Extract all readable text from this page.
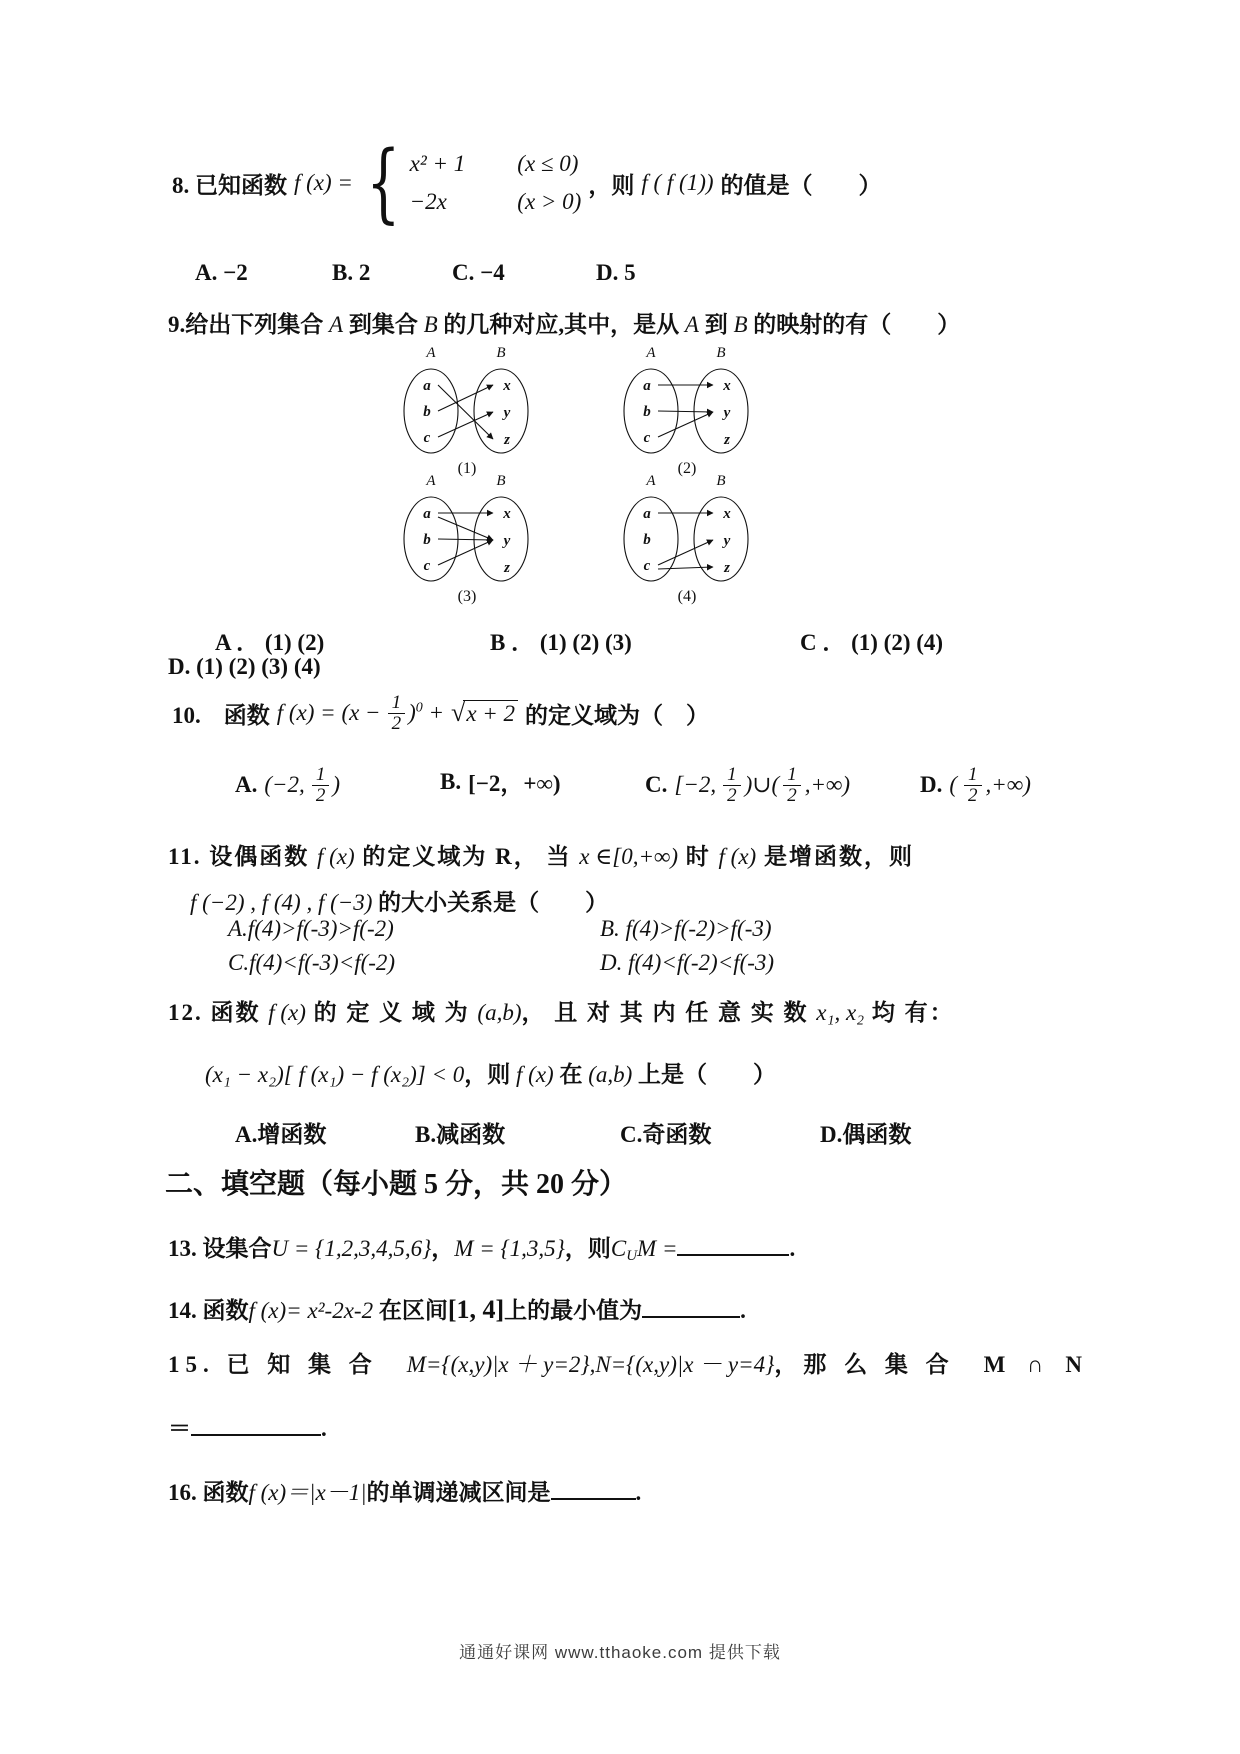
8. 已知函数 f (x) = { x² + 1 (x ≤ 0)
−2x	(x > 0)
，则 f ( f (1)) 的值是（　　）
A. −2	B. 2	C. −4	D. 5
9.给出下列集合 A 到集合 B 的几种对应,其中，是从 A 到 B 的映射的有（　　）
A	B
a
b
c
x
y
z
(1)
A	B
a
b
c
x
y
z
(2)
A	B
a
b
c
x
y
z
(3)
A	B
a
b
c
x
y
z
(4)
A ． (1) (2)	B ． (1) (2) (3)	C ． (1) (2) (4)
D. (1) (2) (3) (4)
10.　函数 f $(x) = (x - \frac{1}{2} )^0$ + √ x + 2 的定义域为（　）
A. (−2, $\frac{1}{2}$ )	B. [−2，+∞)	C. [−2, $\frac{1}{2}$ )∪( $\frac{1}{2}$ ,+∞)	D. ( $\frac{1}{2}$ ,+∞)
11. 设偶函数 f (x) 的定义域为 R， 当 x ∈[0,+∞) 时 f (x) 是增函数，则
f (−2) , f (4) , f (−3) 的大小关系是（　　）
A.f(4)>f(-3)>f(-2)	B. f(4)>f(-2)>f(-3)
C.f(4)<f(-3)<f(-2)	D. f(4)<f(-2)<f(-3)
12. 函数 f (x) 的 定 义 域 为 (a,b)， 且 对 其 内 任 意 实 数 x₁, x₂ 均 有：
(x₁ − x₂)[ f (x₁) − f (x₂)] < 0，则 f (x) 在 (a,b) 上是（　　）
A.增函数	B.减函数	C.奇函数	D.偶函数
二、填空题（每小题 5 分，共 20 分）
13. 设集合U = {1,2,3,4,5,6}，M = {1,3,5}，则$C_UM$ =	.
14. 函数f (x)= x²-2x-2 在区间[1, 4]上的最小值为	.
15. 已 知 集 合　M={(x,y)|x ＋ y=2},N={(x,y)|x － y=4}，那 么 集 合　M ∩ N
＝	.
16. 函数f (x)＝|x－1|的单调递减区间是	.
通通好课网 www.tthaoke.com 提供下载
